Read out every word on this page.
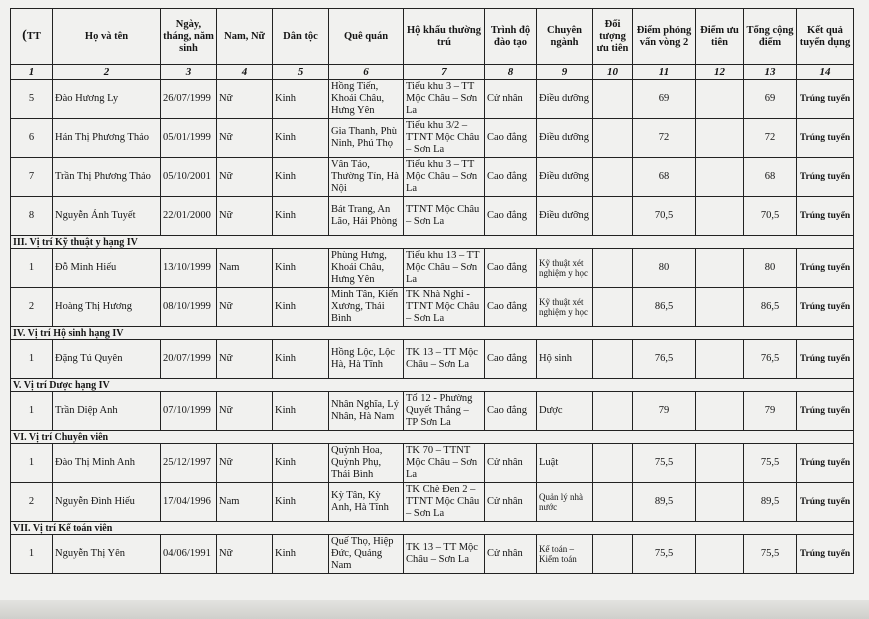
(TT	Họ và tên	Ngày, tháng, năm sinh	Nam, Nữ	Dân tộc	Quê quán	Hộ khẩu thường trú	Trình độ đào tạo	Chuyên ngành	Đối tượng ưu tiên	Điểm phỏng vấn vòng 2	Điểm ưu tiên	Tổng cộng điểm	Kết quả tuyển dụng
1	2	3	4	5	6	7	8	9	10	11	12	13	14
5	Đào Hương Ly	26/07/1999	Nữ	Kinh	Hồng Tiến, Khoái Châu, Hưng Yên	Tiểu khu 3 – TT Mộc Châu – Sơn La	Cử nhân	Điều dưỡng		69		69	Trúng tuyển
6	Hán Thị Phương Thảo	05/01/1999	Nữ	Kinh	Gia Thanh, Phù Ninh, Phú Thọ	Tiểu khu 3/2 – TTNT Mộc Châu – Sơn La	Cao đẳng	Điều dưỡng		72		72	Trúng tuyển
7	Trần Thị Phương Thảo	05/10/2001	Nữ	Kinh	Vân Tảo, Thường Tín, Hà Nội	Tiểu khu 3 – TT Mộc Châu – Sơn La	Cao đẳng	Điều dưỡng		68		68	Trúng tuyển
8	Nguyễn Ánh Tuyết	22/01/2000	Nữ	Kinh	Bát Trang, An Lão, Hải Phòng	TTNT Mộc Châu – Sơn La	Cao đẳng	Điều dưỡng		70,5		70,5	Trúng tuyển
III. Vị trí Kỹ thuật y hạng IV													
1	Đỗ Minh Hiếu	13/10/1999	Nam	Kinh	Phùng Hưng, Khoái Châu, Hưng Yên	Tiểu khu 13 – TT Mộc Châu – Sơn La	Cao đẳng	Kỹ thuật xét nghiệm y học		80		80	Trúng tuyển
2	Hoàng Thị Hương	08/10/1999	Nữ	Kinh	Minh Tân, Kiến Xương, Thái Bình	TK Nhà Nghỉ - TTNT Mộc Châu – Sơn La	Cao đẳng	Kỹ thuật xét nghiệm y học		86,5		86,5	Trúng tuyển
IV. Vị trí Hộ sinh hạng IV													
1	Đặng Tú Quyên	20/07/1999	Nữ	Kinh	Hồng Lộc, Lộc Hà, Hà Tĩnh	TK 13 – TT Mộc Châu – Sơn La	Cao đẳng	Hộ sinh		76,5		76,5	Trúng tuyển
V. Vị trí Dược hạng IV													
1	Trần Diệp Anh	07/10/1999	Nữ	Kinh	Nhân Nghĩa, Lý Nhân, Hà Nam	Tổ 12 - Phường Quyết Thắng – TP Sơn La	Cao đẳng	Dược		79		79	Trúng tuyển
VI. Vị trí Chuyên viên													
1	Đào Thị Minh Anh	25/12/1997	Nữ	Kinh	Quỳnh Hoa, Quỳnh Phụ, Thái Bình	TK 70 – TTNT Mộc Châu – Sơn La	Cử nhân	Luật		75,5		75,5	Trúng tuyển
2	Nguyễn Đình Hiếu	17/04/1996	Nam	Kinh	Kỳ Tân, Kỳ Anh, Hà Tĩnh	TK Chè Đen 2 – TTNT Mộc Châu – Sơn La	Cử nhân	Quản lý nhà nước		89,5		89,5	Trúng tuyển
VII. Vị trí Kế toán viên													
1	Nguyễn Thị Yên	04/06/1991	Nữ	Kinh	Quế Thọ, Hiệp Đức, Quảng Nam	TK 13 – TT Mộc Châu – Sơn La	Cử nhân	Kế toán – Kiểm toán		75,5		75,5	Trúng tuyển
